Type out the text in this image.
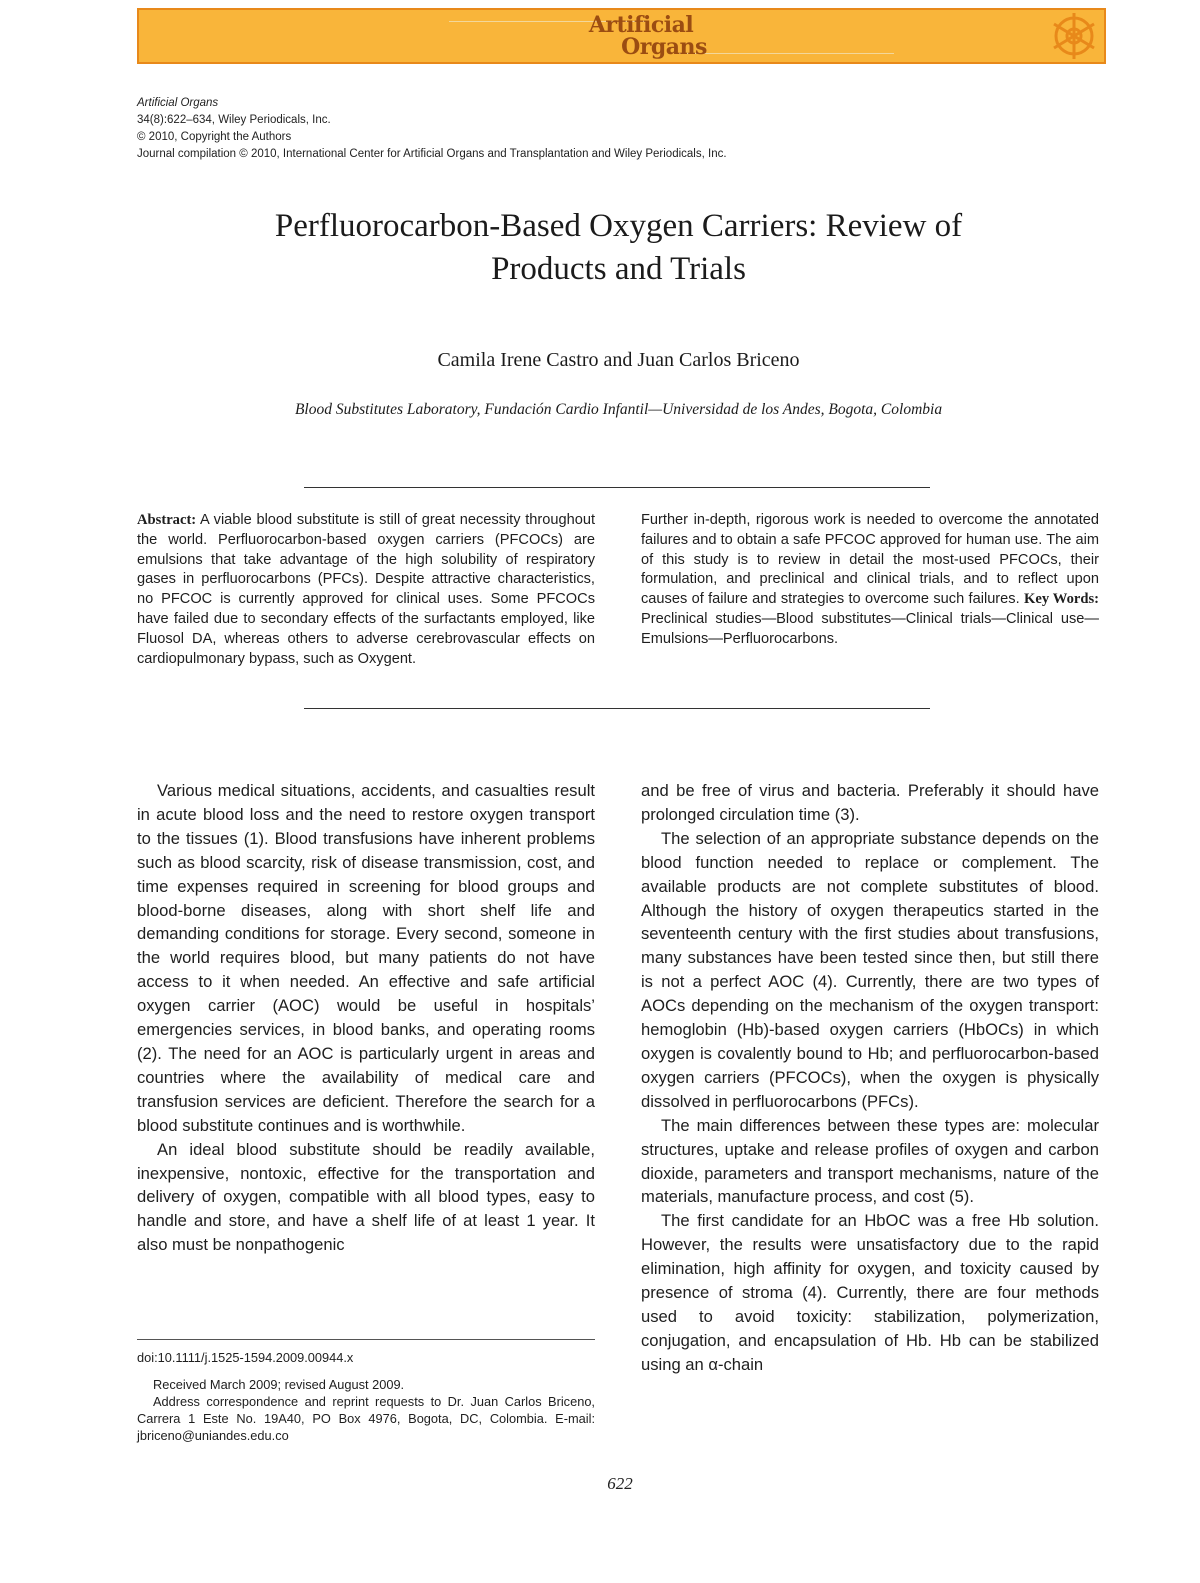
Artificial
Organs
Artificial Organs
34(8):622–634, Wiley Periodicals, Inc.
© 2010, Copyright the Authors
Journal compilation © 2010, International Center for Artificial Organs and Transplantation and Wiley Periodicals, Inc.
Perfluorocarbon-Based Oxygen Carriers: Review of
Products and Trials
Camila Irene Castro and Juan Carlos Briceno
Blood Substitutes Laboratory, Fundación Cardio Infantil—Universidad de los Andes, Bogota, Colombia
Abstract: A viable blood substitute is still of great necessity throughout the world. Perfluorocarbon-based oxygen carriers (PFCOCs) are emulsions that take advantage of the high solubility of respiratory gases in perfluorocarbons (PFCs). Despite attractive characteristics, no PFCOC is currently approved for clinical uses. Some PFCOCs have failed due to secondary effects of the surfactants employed, like Fluosol DA, whereas others to adverse cerebrovascular effects on cardiopulmonary bypass, such as Oxygent.
Further in-depth, rigorous work is needed to overcome the annotated failures and to obtain a safe PFCOC approved for human use. The aim of this study is to review in detail the most-used PFCOCs, their formulation, and preclinical and clinical trials, and to reflect upon causes of failure and strategies to overcome such failures. Key Words: Preclinical studies—Blood substitutes—Clinical trials—Clinical use—Emulsions—Perfluorocarbons.

Various medical situations, accidents, and casualties result in acute blood loss and the need to restore oxygen transport to the tissues (1). Blood transfusions have inherent problems such as blood scarcity, risk of disease transmission, cost, and time expenses required in screening for blood groups and blood-borne diseases, along with short shelf life and demanding conditions for storage. Every second, someone in the world requires blood, but many patients do not have access to it when needed. An effective and safe artificial oxygen carrier (AOC) would be useful in hospitals’ emergencies services, in blood banks, and operating rooms (2). The need for an AOC is particularly urgent in areas and countries where the availability of medical care and transfusion services are deficient. Therefore the search for a blood substitute continues and is worthwhile.

An ideal blood substitute should be readily available, inexpensive, nontoxic, effective for the transportation and delivery of oxygen, compatible with all blood types, easy to handle and store, and have a shelf life of at least 1 year. It also must be nonpathogenic

and be free of virus and bacteria. Preferably it should have prolonged circulation time (3).

The selection of an appropriate substance depends on the blood function needed to replace or complement. The available products are not complete substitutes of blood. Although the history of oxygen therapeutics started in the seventeenth century with the first studies about transfusions, many substances have been tested since then, but still there is not a perfect AOC (4). Currently, there are two types of AOCs depending on the mechanism of the oxygen transport: hemoglobin (Hb)-based oxygen carriers (HbOCs) in which oxygen is covalently bound to Hb; and perfluorocarbon-based oxygen carriers (PFCOCs), when the oxygen is physically dissolved in perfluorocarbons (PFCs).

The main differences between these types are: molecular structures, uptake and release profiles of oxygen and carbon dioxide, parameters and transport mechanisms, nature of the materials, manufacture process, and cost (5).

The first candidate for an HbOC was a free Hb solution. However, the results were unsatisfactory due to the rapid elimination, high affinity for oxygen, and toxicity caused by presence of stroma (4). Currently, there are four methods used to avoid toxicity: stabilization, polymerization, conjugation, and encapsulation of Hb. Hb can be stabilized using an α-chain

doi:10.1111/j.1525-1594.2009.00944.x

Received March 2009; revised August 2009.

Address correspondence and reprint requests to Dr. Juan Carlos Briceno, Carrera 1 Este No. 19A40, PO Box 4976, Bogota, DC, Colombia. E-mail: jbriceno@uniandes.edu.co

622
